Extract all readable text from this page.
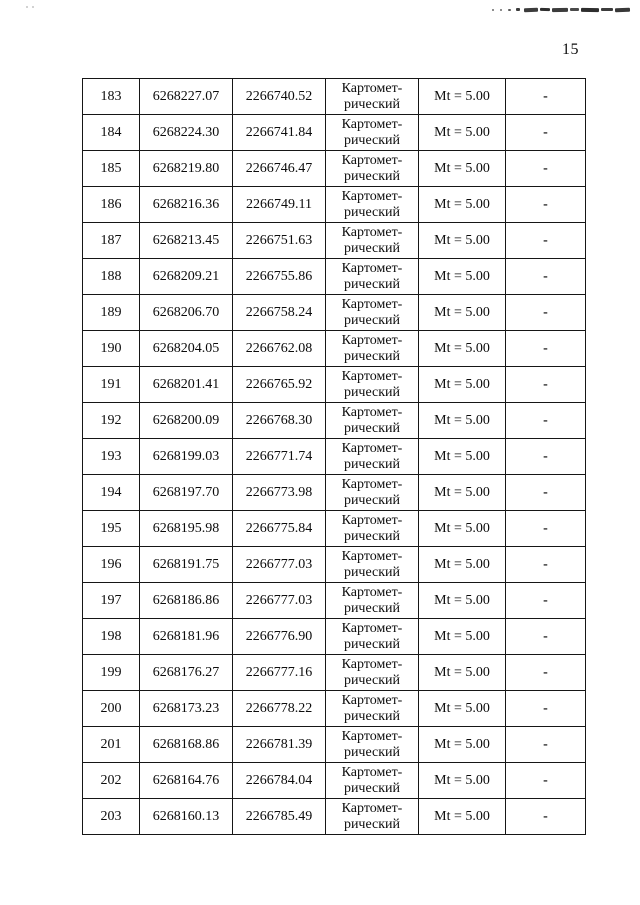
15
183	6268227.07	2266740.52	Картомет-
рический	Mt = 5.00	-
184	6268224.30	2266741.84	Картомет-
рический	Mt = 5.00	-
185	6268219.80	2266746.47	Картомет-
рический	Mt = 5.00	-
186	6268216.36	2266749.11	Картомет-
рический	Mt = 5.00	-
187	6268213.45	2266751.63	Картомет-
рический	Mt = 5.00	-
188	6268209.21	2266755.86	Картомет-
рический	Mt = 5.00	-
189	6268206.70	2266758.24	Картомет-
рический	Mt = 5.00	-
190	6268204.05	2266762.08	Картомет-
рический	Mt = 5.00	-
191	6268201.41	2266765.92	Картомет-
рический	Mt = 5.00	-
192	6268200.09	2266768.30	Картомет-
рический	Mt = 5.00	-
193	6268199.03	2266771.74	Картомет-
рический	Mt = 5.00	-
194	6268197.70	2266773.98	Картомет-
рический	Mt = 5.00	-
195	6268195.98	2266775.84	Картомет-
рический	Mt = 5.00	-
196	6268191.75	2266777.03	Картомет-
рический	Mt = 5.00	-
197	6268186.86	2266777.03	Картомет-
рический	Mt = 5.00	-
198	6268181.96	2266776.90	Картомет-
рический	Mt = 5.00	-
199	6268176.27	2266777.16	Картомет-
рический	Mt = 5.00	-
200	6268173.23	2266778.22	Картомет-
рический	Mt = 5.00	-
201	6268168.86	2266781.39	Картомет-
рический	Mt = 5.00	-
202	6268164.76	2266784.04	Картомет-
рический	Mt = 5.00	-
203	6268160.13	2266785.49	Картомет-
рический	Mt = 5.00	-
